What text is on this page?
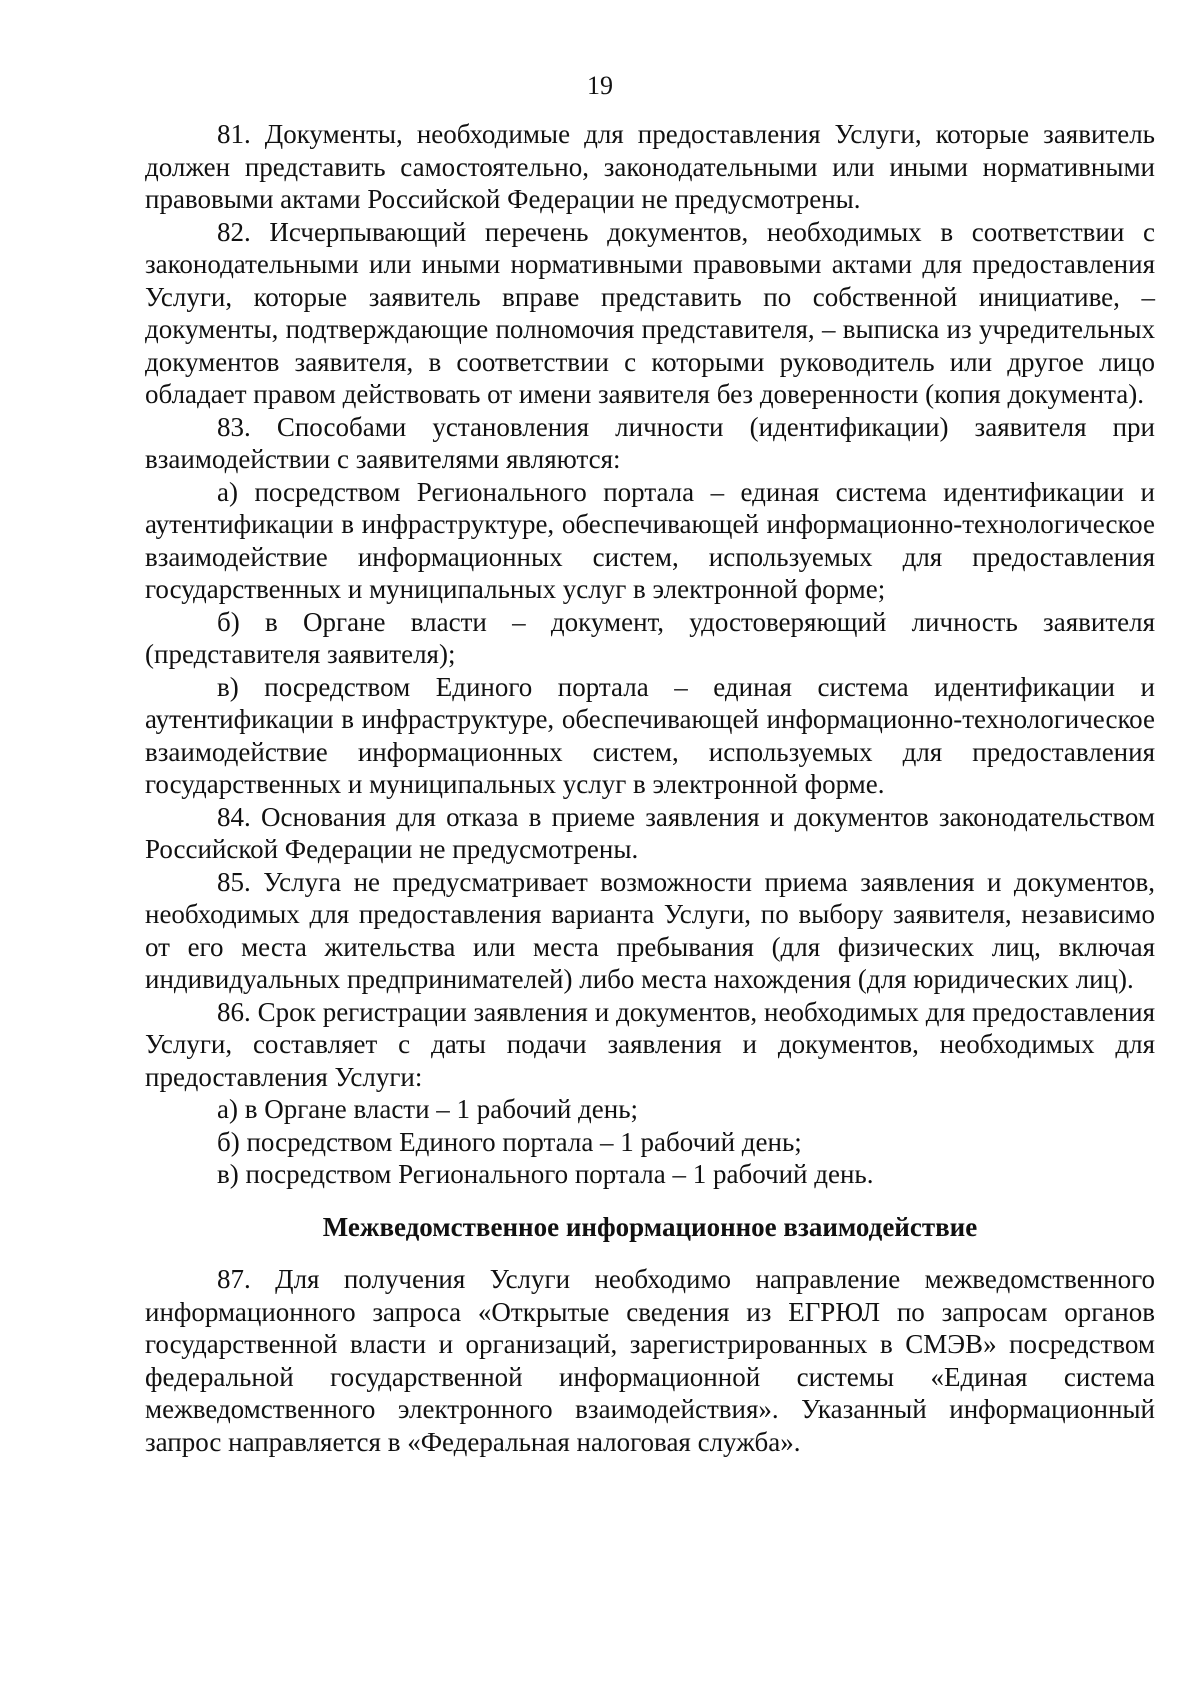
19

81. Документы, необходимые для предоставления Услуги, которые заявитель должен представить самостоятельно, законодательными или иными нормативными правовыми актами Российской Федерации не предусмотрены.

82. Исчерпывающий перечень документов, необходимых в соответствии с законодательными или иными нормативными правовыми актами для предоставления Услуги, которые заявитель вправе представить по собственной инициативе, – документы, подтверждающие полномочия представителя, – выписка из учредительных документов заявителя, в соответствии с которыми руководитель или другое лицо обладает правом действовать от имени заявителя без доверенности (копия документа).

83. Способами установления личности (идентификации) заявителя при взаимодействии с заявителями являются:

а) посредством Регионального портала – единая система идентификации и аутентификации в инфраструктуре, обеспечивающей информационно-технологическое взаимодействие информационных систем, используемых для предоставления государственных и муниципальных услуг в электронной форме;

б) в Органе власти – документ, удостоверяющий личность заявителя (представителя заявителя);

в) посредством Единого портала – единая система идентификации и аутентификации в инфраструктуре, обеспечивающей информационно-технологическое взаимодействие информационных систем, используемых для предоставления государственных и муниципальных услуг в электронной форме.

84. Основания для отказа в приеме заявления и документов законодательством Российской Федерации не предусмотрены.

85. Услуга не предусматривает возможности приема заявления и документов, необходимых для предоставления варианта Услуги, по выбору заявителя, независимо от его места жительства или места пребывания (для физических лиц, включая индивидуальных предпринимателей) либо места нахождения (для юридических лиц).

86. Срок регистрации заявления и документов, необходимых для предоставления Услуги, составляет с даты подачи заявления и документов, необходимых для предоставления Услуги:

а) в Органе власти – 1 рабочий день;

б) посредством Единого портала – 1 рабочий день;

в) посредством Регионального портала – 1 рабочий день.

Межведомственное информационное взаимодействие

87. Для получения Услуги необходимо направление межведомственного информационного запроса «Открытые сведения из ЕГРЮЛ по запросам органов государственной власти и организаций, зарегистрированных в СМЭВ» посредством федеральной государственной информационной системы «Единая система межведомственного электронного взаимодействия». Указанный информационный запрос направляется в «Федеральная налоговая служба».
